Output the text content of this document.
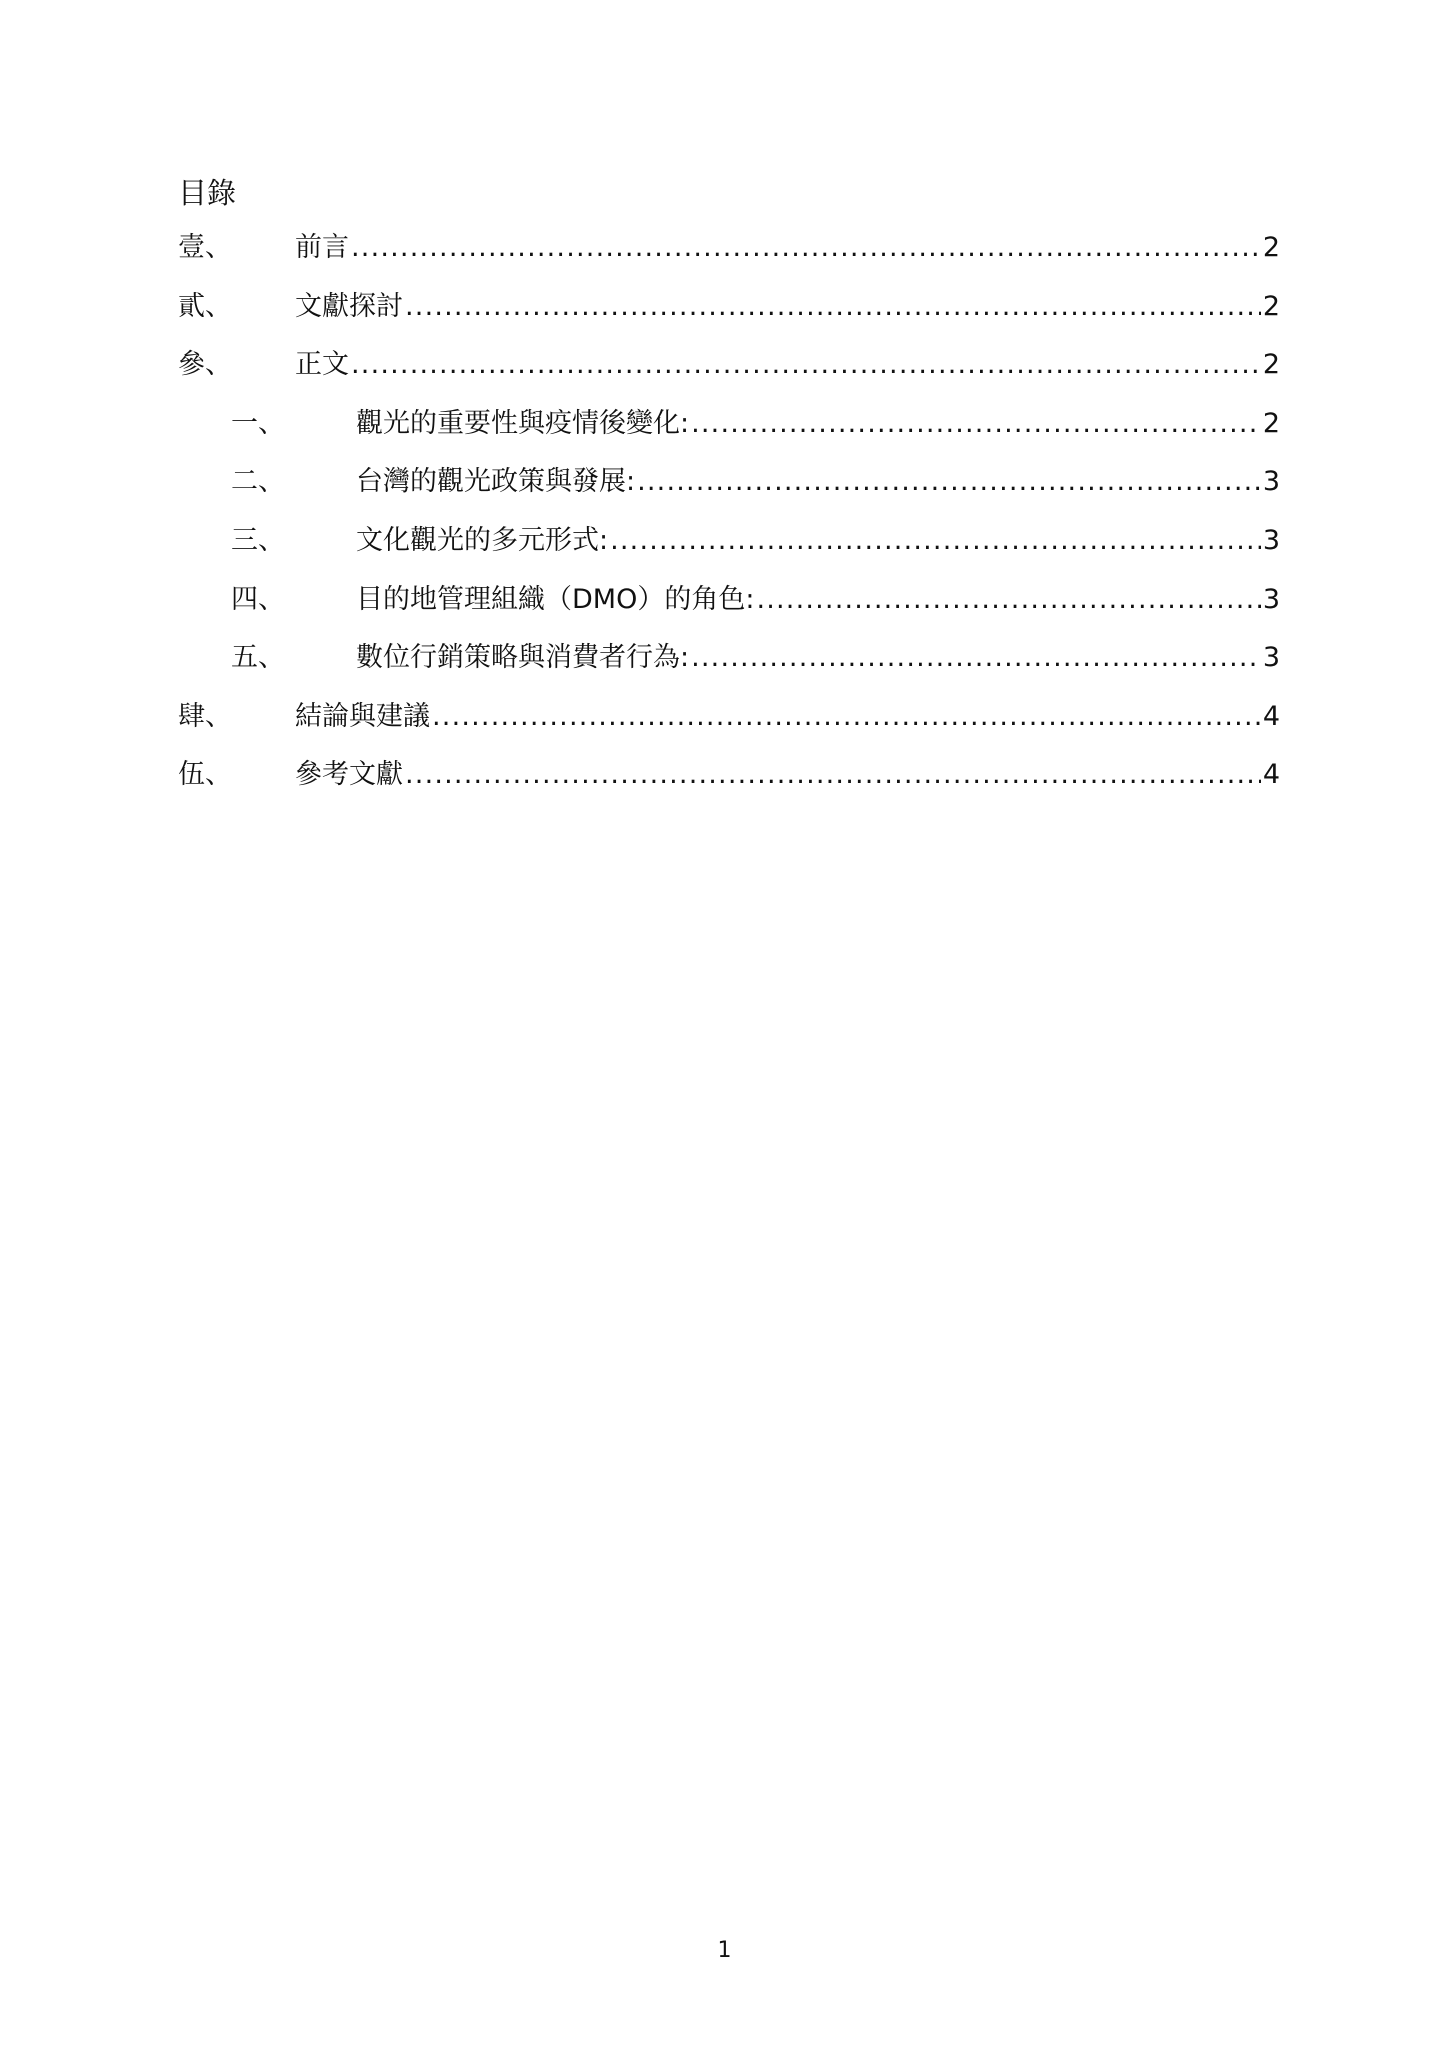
目錄
壹、	前言 .....	2
貳、	文獻探討 .....	2
參、	正文 .....	2
一、	觀光的重要性與疫情後變化: .....	2
二、	台灣的觀光政策與發展: .....	3
三、	文化觀光的多元形式: .....	3
四、	目的地管理組織（DMO）的角色: .....	3
五、	數位行銷策略與消費者行為: .....	3
肆、	結論與建議 .....	4
伍、	參考文獻 .....	4
1
